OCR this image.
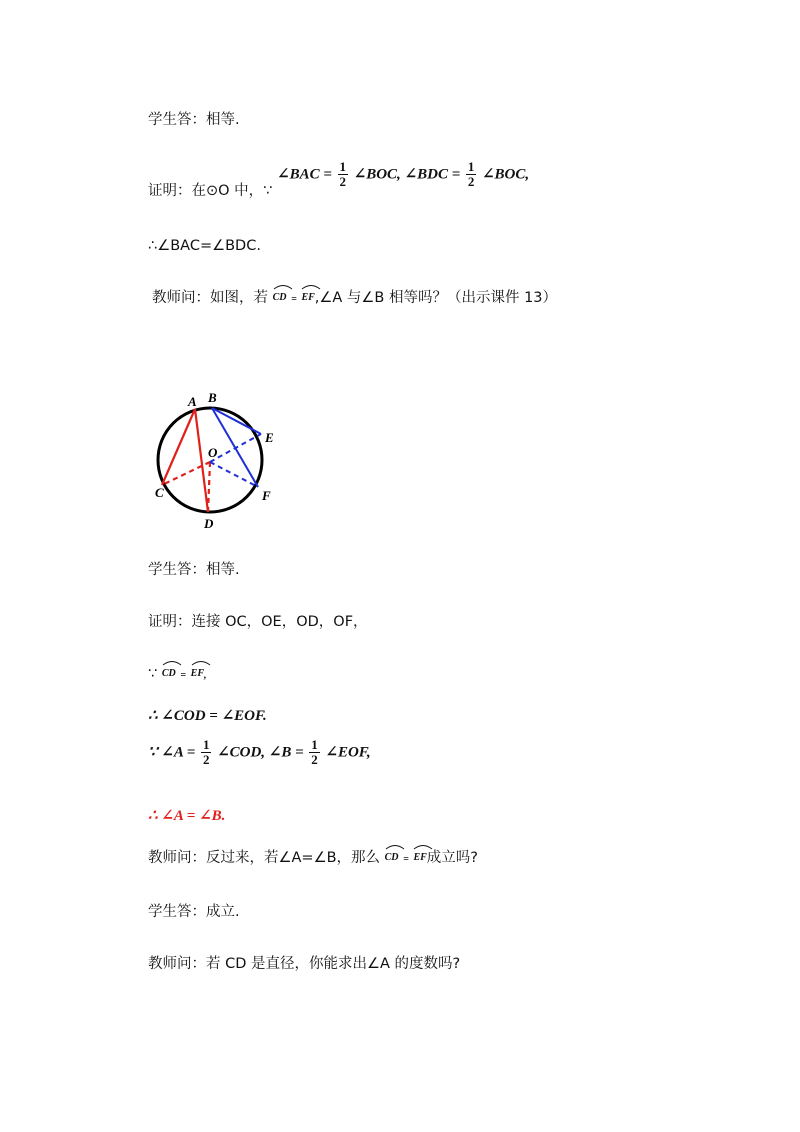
学生答：相等.
证明：在⊙O 中，∵ ∠BAC = $\frac{1}{2}$ ∠BOC, ∠BDC = $\frac{1}{2}$ ∠BOC,
∴∠BAC=∠BDC.
教师问：如图，若 CD = EF,∠A 与∠B 相等吗？（出示课件 13）
A B
E
O
C	F
D
学生答：相等.
证明：连接 OC，OE，OD，OF，
∵ CD = EF,
∴ ∠COD = ∠EOF.
∵ ∠A = $\frac{1}{2}$ ∠COD, ∠B = $\frac{1}{2}$ ∠EOF,
∴ ∠A = ∠B.
教师问：反过来，若∠A=∠B，那么 CD = EF成立吗?
学生答：成立.
教师问：若 CD 是直径，你能求出∠A 的度数吗?
